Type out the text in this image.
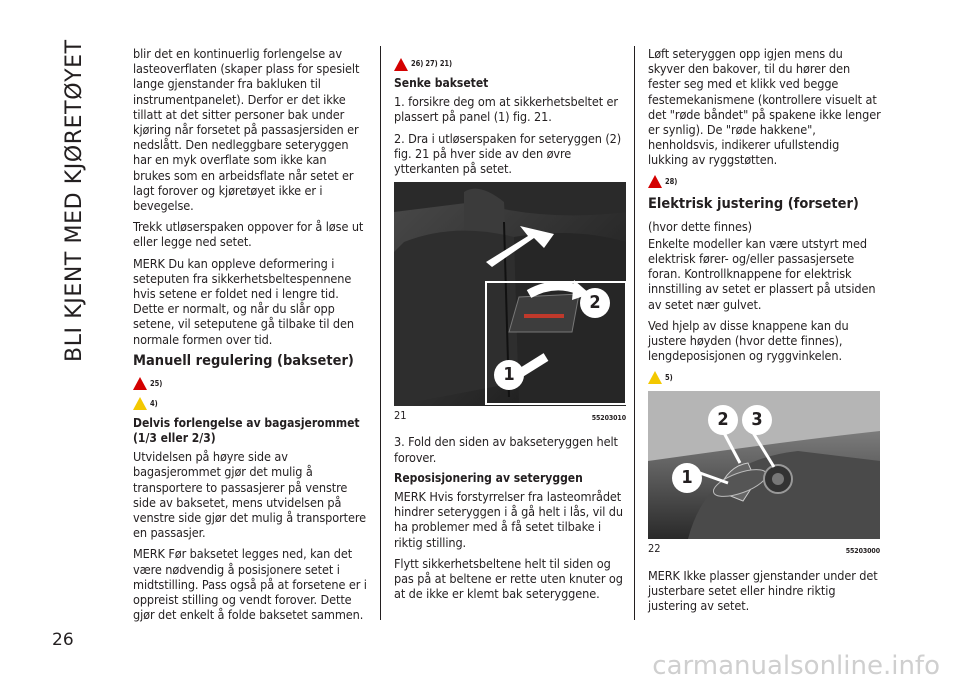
BLI KJENT MED KJØRETØYET
26

blir det en kontinuerlig forlengelse av lasteoverflaten (skaper plass for spesielt lange gjenstander fra bakluken til instrumentpanelet). Derfor er det ikke tillatt at det sitter personer bak under kjøring når forsetet på passasjersiden er nedslått. Den nedleggbare seteryggen har en myk overflate som ikke kan brukes som en arbeidsflate når setet er lagt forover og kjøretøyet ikke er i bevegelse.

Trekk utløserspaken oppover for å løse ut eller legge ned setet.

MERK Du kan oppleve deformering i seteputen fra sikkerhetsbeltespennene hvis setene er foldet ned i lengre tid. Dette er normalt, og når du slår opp setene, vil seteputene gå tilbake til den normale formen over tid.

Manuell regulering (bakseter)
25)
4)
Delvis forlengelse av bagasjerommet (1/3 eller 2/3)

Utvidelsen på høyre side av bagasjerommet gjør det mulig å transportere to passasjerer på venstre side av baksetet, mens utvidelsen på venstre side gjør det mulig å transportere en passasjer.

MERK Før baksetet legges ned, kan det være nødvendig å posisjonere setet i midtstilling. Pass også på at forsetene er i oppreist stilling og vendt forover. Dette gjør det enkelt å folde baksetet sammen.

26) 27) 21)
Senke baksetet

1. forsikre deg om at sikkerhetsbeltet er plassert på panel (1) fig. 21.

2. Dra i utløserspaken for seteryggen (2) fig. 21 på hver side av den øvre ytterkanten på setet.

1
2
21	55203010

3. Fold den siden av bakseteryggen helt forover.

Reposisjonering av seteryggen

MERK Hvis forstyrrelser fra lasteområdet hindrer seteryggen i å gå helt i lås, vil du ha problemer med å få setet tilbake i riktig stilling.

Flytt sikkerhetsbeltene helt til siden og pas på at beltene er rette uten knuter og at de ikke er klemt bak seteryggene.

Løft seteryggen opp igjen mens du skyver den bakover, til du hører den fester seg med et klikk ved begge festemekanismene (kontrollere visuelt at det "røde båndet" på spakene ikke lenger er synlig). De "røde hakkene", henholdsvis, indikerer ufullstendig lukking av ryggstøtten.

28)
Elektrisk justering (forseter)

(hvor dette finnes)

Enkelte modeller kan være utstyrt med elektrisk fører- og/eller passasjersete foran. Kontrollknappene for elektrisk innstilling av setet er plassert på utsiden av setet nær gulvet.

Ved hjelp av disse knappene kan du justere høyden (hvor dette finnes), lengdeposisjonen og ryggvinkelen.

5)
1
2	3
22	55203000

MERK Ikke plasser gjenstander under det justerbare setet eller hindre riktig justering av setet.

carmanualsonline.info
